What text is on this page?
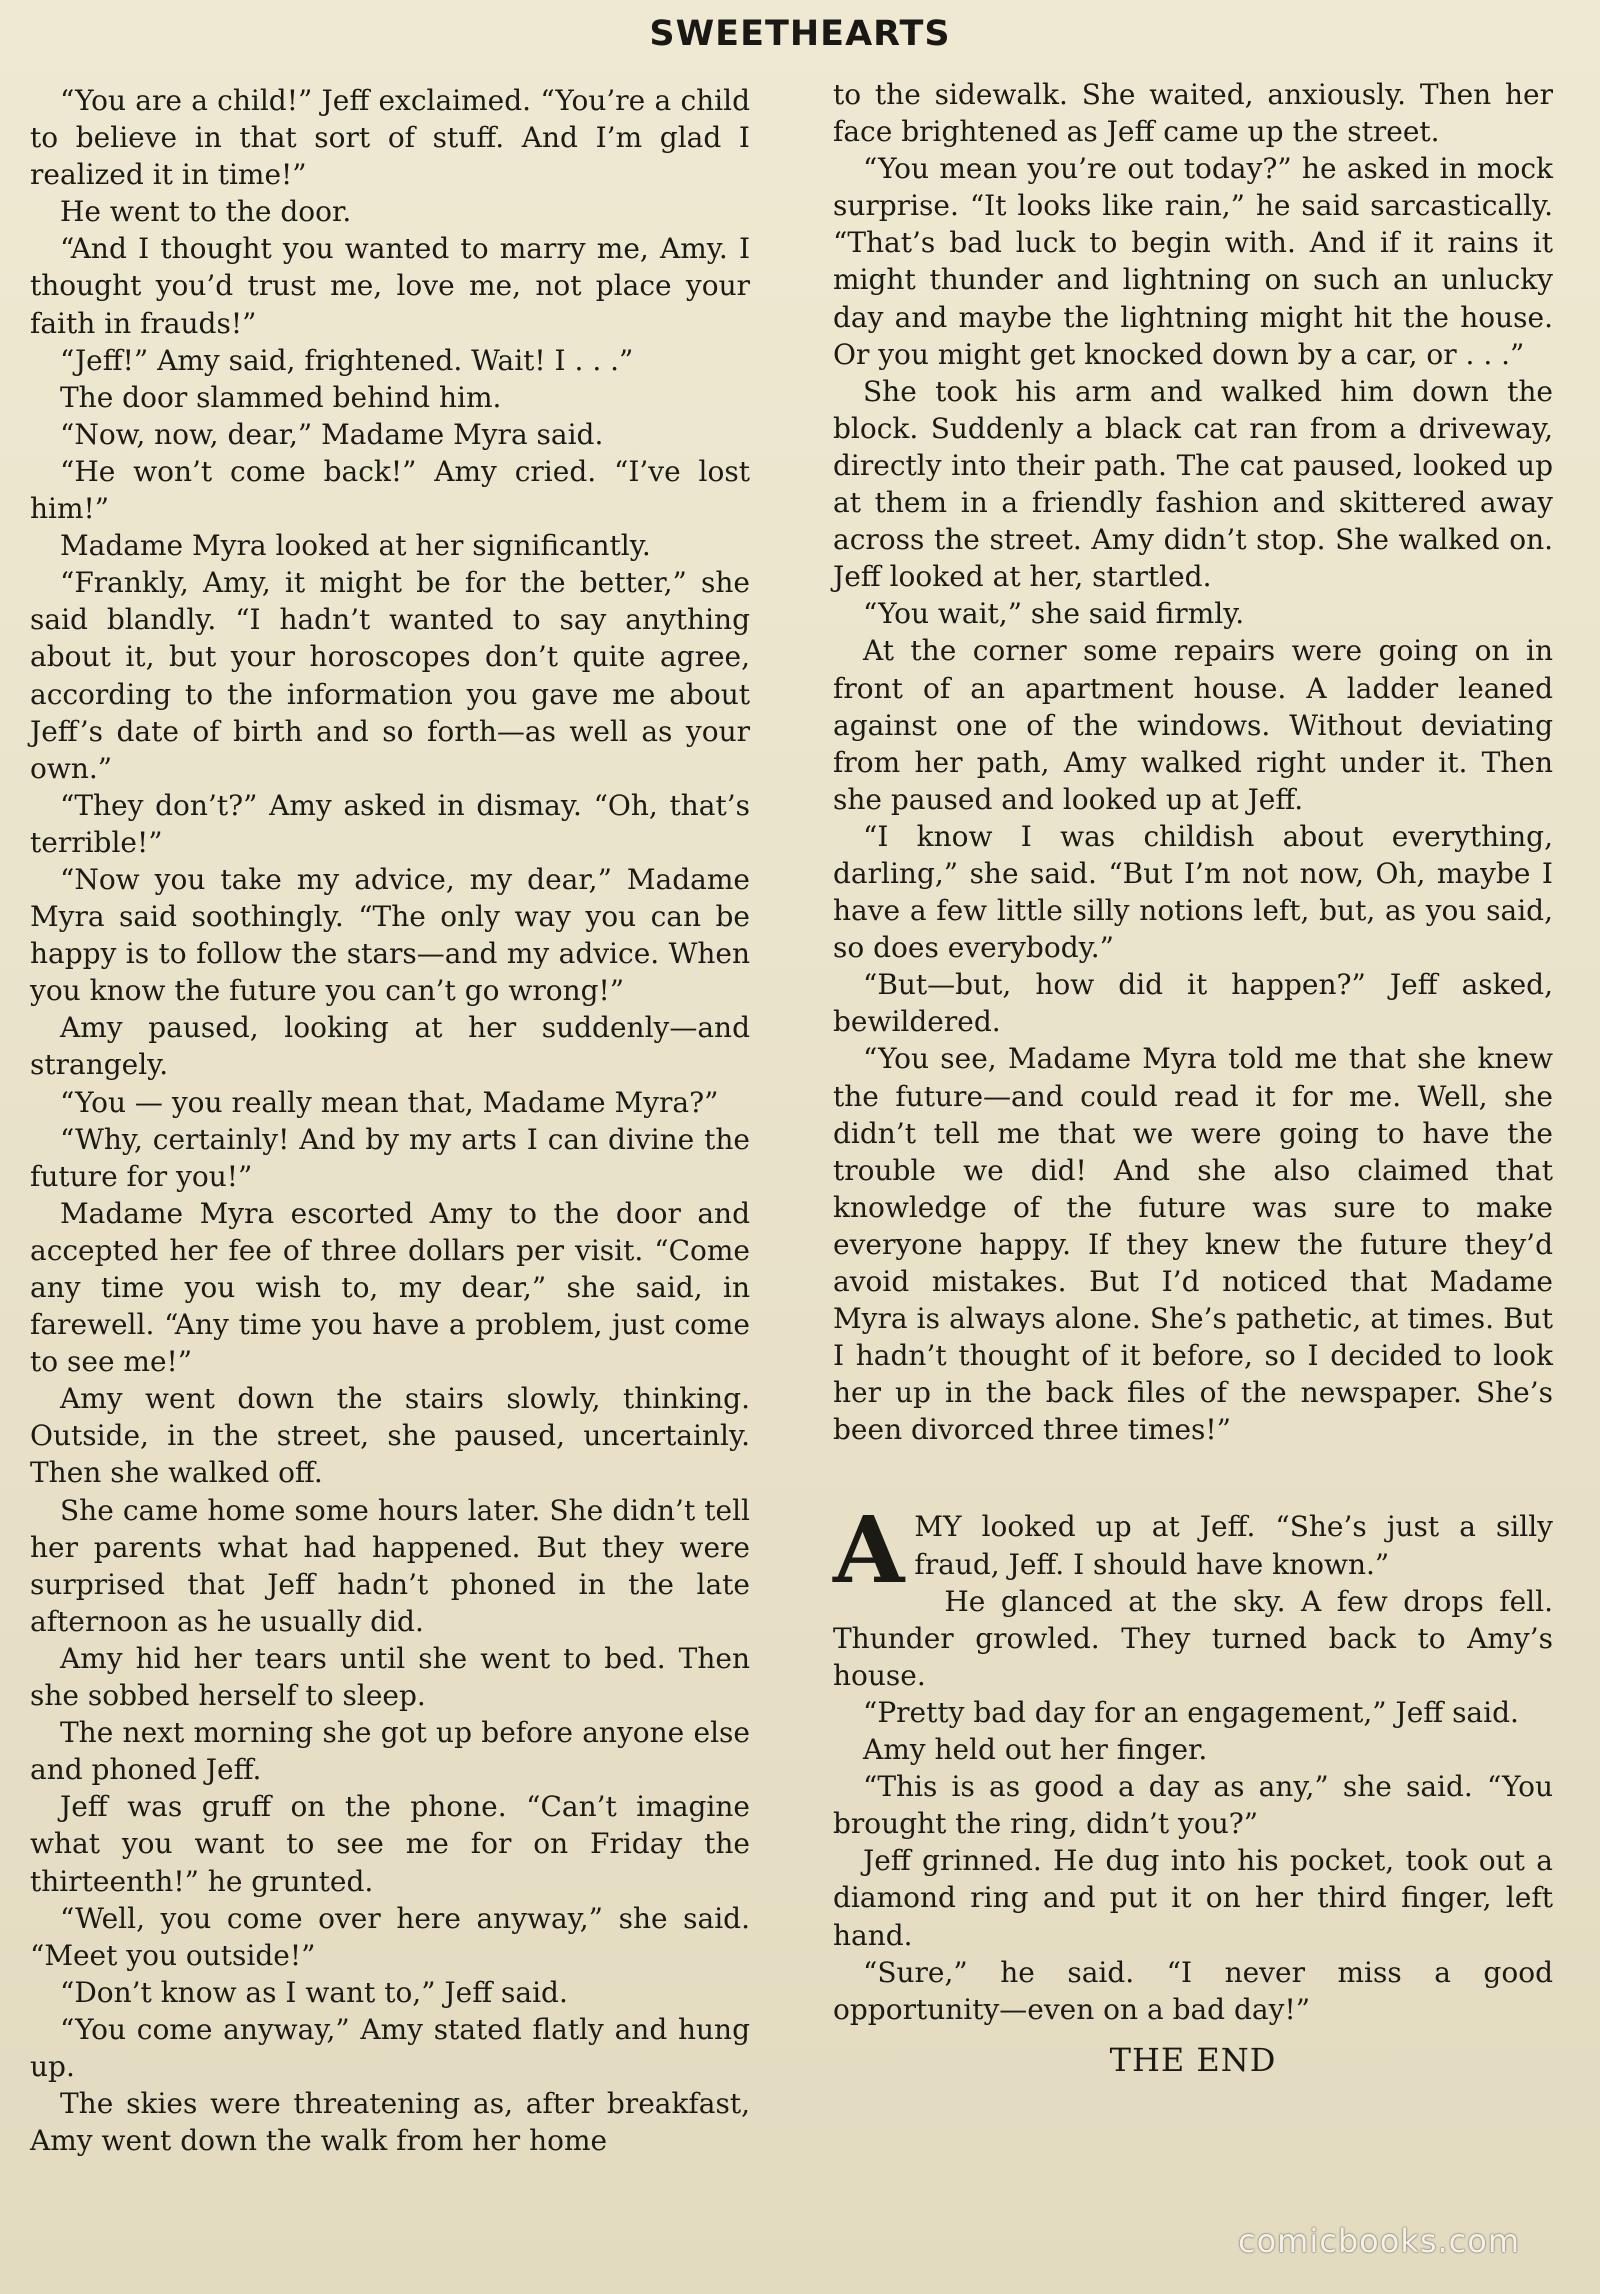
SWEETHEARTS

“You are a child!” Jeff exclaimed. “You’re a child to believe in that sort of stuff. And I’m glad I realized it in time!”

He went to the door.

“And I thought you wanted to marry me, Amy. I thought you’d trust me, love me, not place your faith in frauds!”

“Jeff!” Amy said, frightened. Wait! I . . .”

The door slammed behind him.

“Now, now, dear,” Madame Myra said.

“He won’t come back!” Amy cried. “I’ve lost him!”

Madame Myra looked at her significantly.

“Frankly, Amy, it might be for the better,” she said blandly. “I hadn’t wanted to say anything about it, but your horoscopes don’t quite agree, according to the information you gave me about Jeff’s date of birth and so forth—as well as your own.”

“They don’t?” Amy asked in dismay. “Oh, that’s terrible!”

“Now you take my advice, my dear,” Madame Myra said soothingly. “The only way you can be happy is to follow the stars—and my advice. When you know the future you can’t go wrong!”

Amy paused, looking at her suddenly—and strangely.

“You — you really mean that, Madame Myra?”

“Why, certainly! And by my arts I can divine the future for you!”

Madame Myra escorted Amy to the door and accepted her fee of three dollars per visit. “Come any time you wish to, my dear,” she said, in farewell. “Any time you have a problem, just come to see me!”

Amy went down the stairs slowly, thinking. Outside, in the street, she paused, uncertainly. Then she walked off.

She came home some hours later. She didn’t tell her parents what had happened. But they were surprised that Jeff hadn’t phoned in the late afternoon as he usually did.

Amy hid her tears until she went to bed. Then she sobbed herself to sleep.

The next morning she got up before anyone else and phoned Jeff.

Jeff was gruff on the phone. “Can’t imagine what you want to see me for on Friday the thirteenth!” he grunted.

“Well, you come over here anyway,” she said. “Meet you outside!”

“Don’t know as I want to,” Jeff said.

“You come anyway,” Amy stated flatly and hung up.

The skies were threatening as, after breakfast, Amy went down the walk from her home

to the sidewalk. She waited, anxiously. Then her face brightened as Jeff came up the street.

“You mean you’re out today?” he asked in mock surprise. “It looks like rain,” he said sarcastically. “That’s bad luck to begin with. And if it rains it might thunder and lightning on such an unlucky day and maybe the lightning might hit the house. Or you might get knocked down by a car, or . . .”

She took his arm and walked him down the block. Suddenly a black cat ran from a driveway, directly into their path. The cat paused, looked up at them in a friendly fashion and skittered away across the street. Amy didn’t stop. She walked on. Jeff looked at her, startled.

“You wait,” she said firmly.

At the corner some repairs were going on in front of an apartment house. A ladder leaned against one of the windows. Without deviating from her path, Amy walked right under it. Then she paused and looked up at Jeff.

“I know I was childish about everything, darling,” she said. “But I’m not now, Oh, maybe I have a few little silly notions left, but, as you said, so does everybody.”

“But—but, how did it happen?” Jeff asked, bewildered.

“You see, Madame Myra told me that she knew the future—and could read it for me. Well, she didn’t tell me that we were going to have the trouble we did! And she also claimed that knowledge of the future was sure to make everyone happy. If they knew the future they’d avoid mistakes. But I’d noticed that Madame Myra is always alone. She’s pathetic, at times. But I hadn’t thought of it before, so I decided to look her up in the back files of the newspaper. She’s been divorced three times!”

AMY looked up at Jeff. “She’s just a silly fraud, Jeff. I should have known.”

He glanced at the sky. A few drops fell. Thunder growled. They turned back to Amy’s house.

“Pretty bad day for an engagement,” Jeff said.

Amy held out her finger.

“This is as good a day as any,” she said. “You brought the ring, didn’t you?”

Jeff grinned. He dug into his pocket, took out a diamond ring and put it on her third finger, left hand.

“Sure,” he said. “I never miss a good opportunity—even on a bad day!”

THE END
comicbooks.com
